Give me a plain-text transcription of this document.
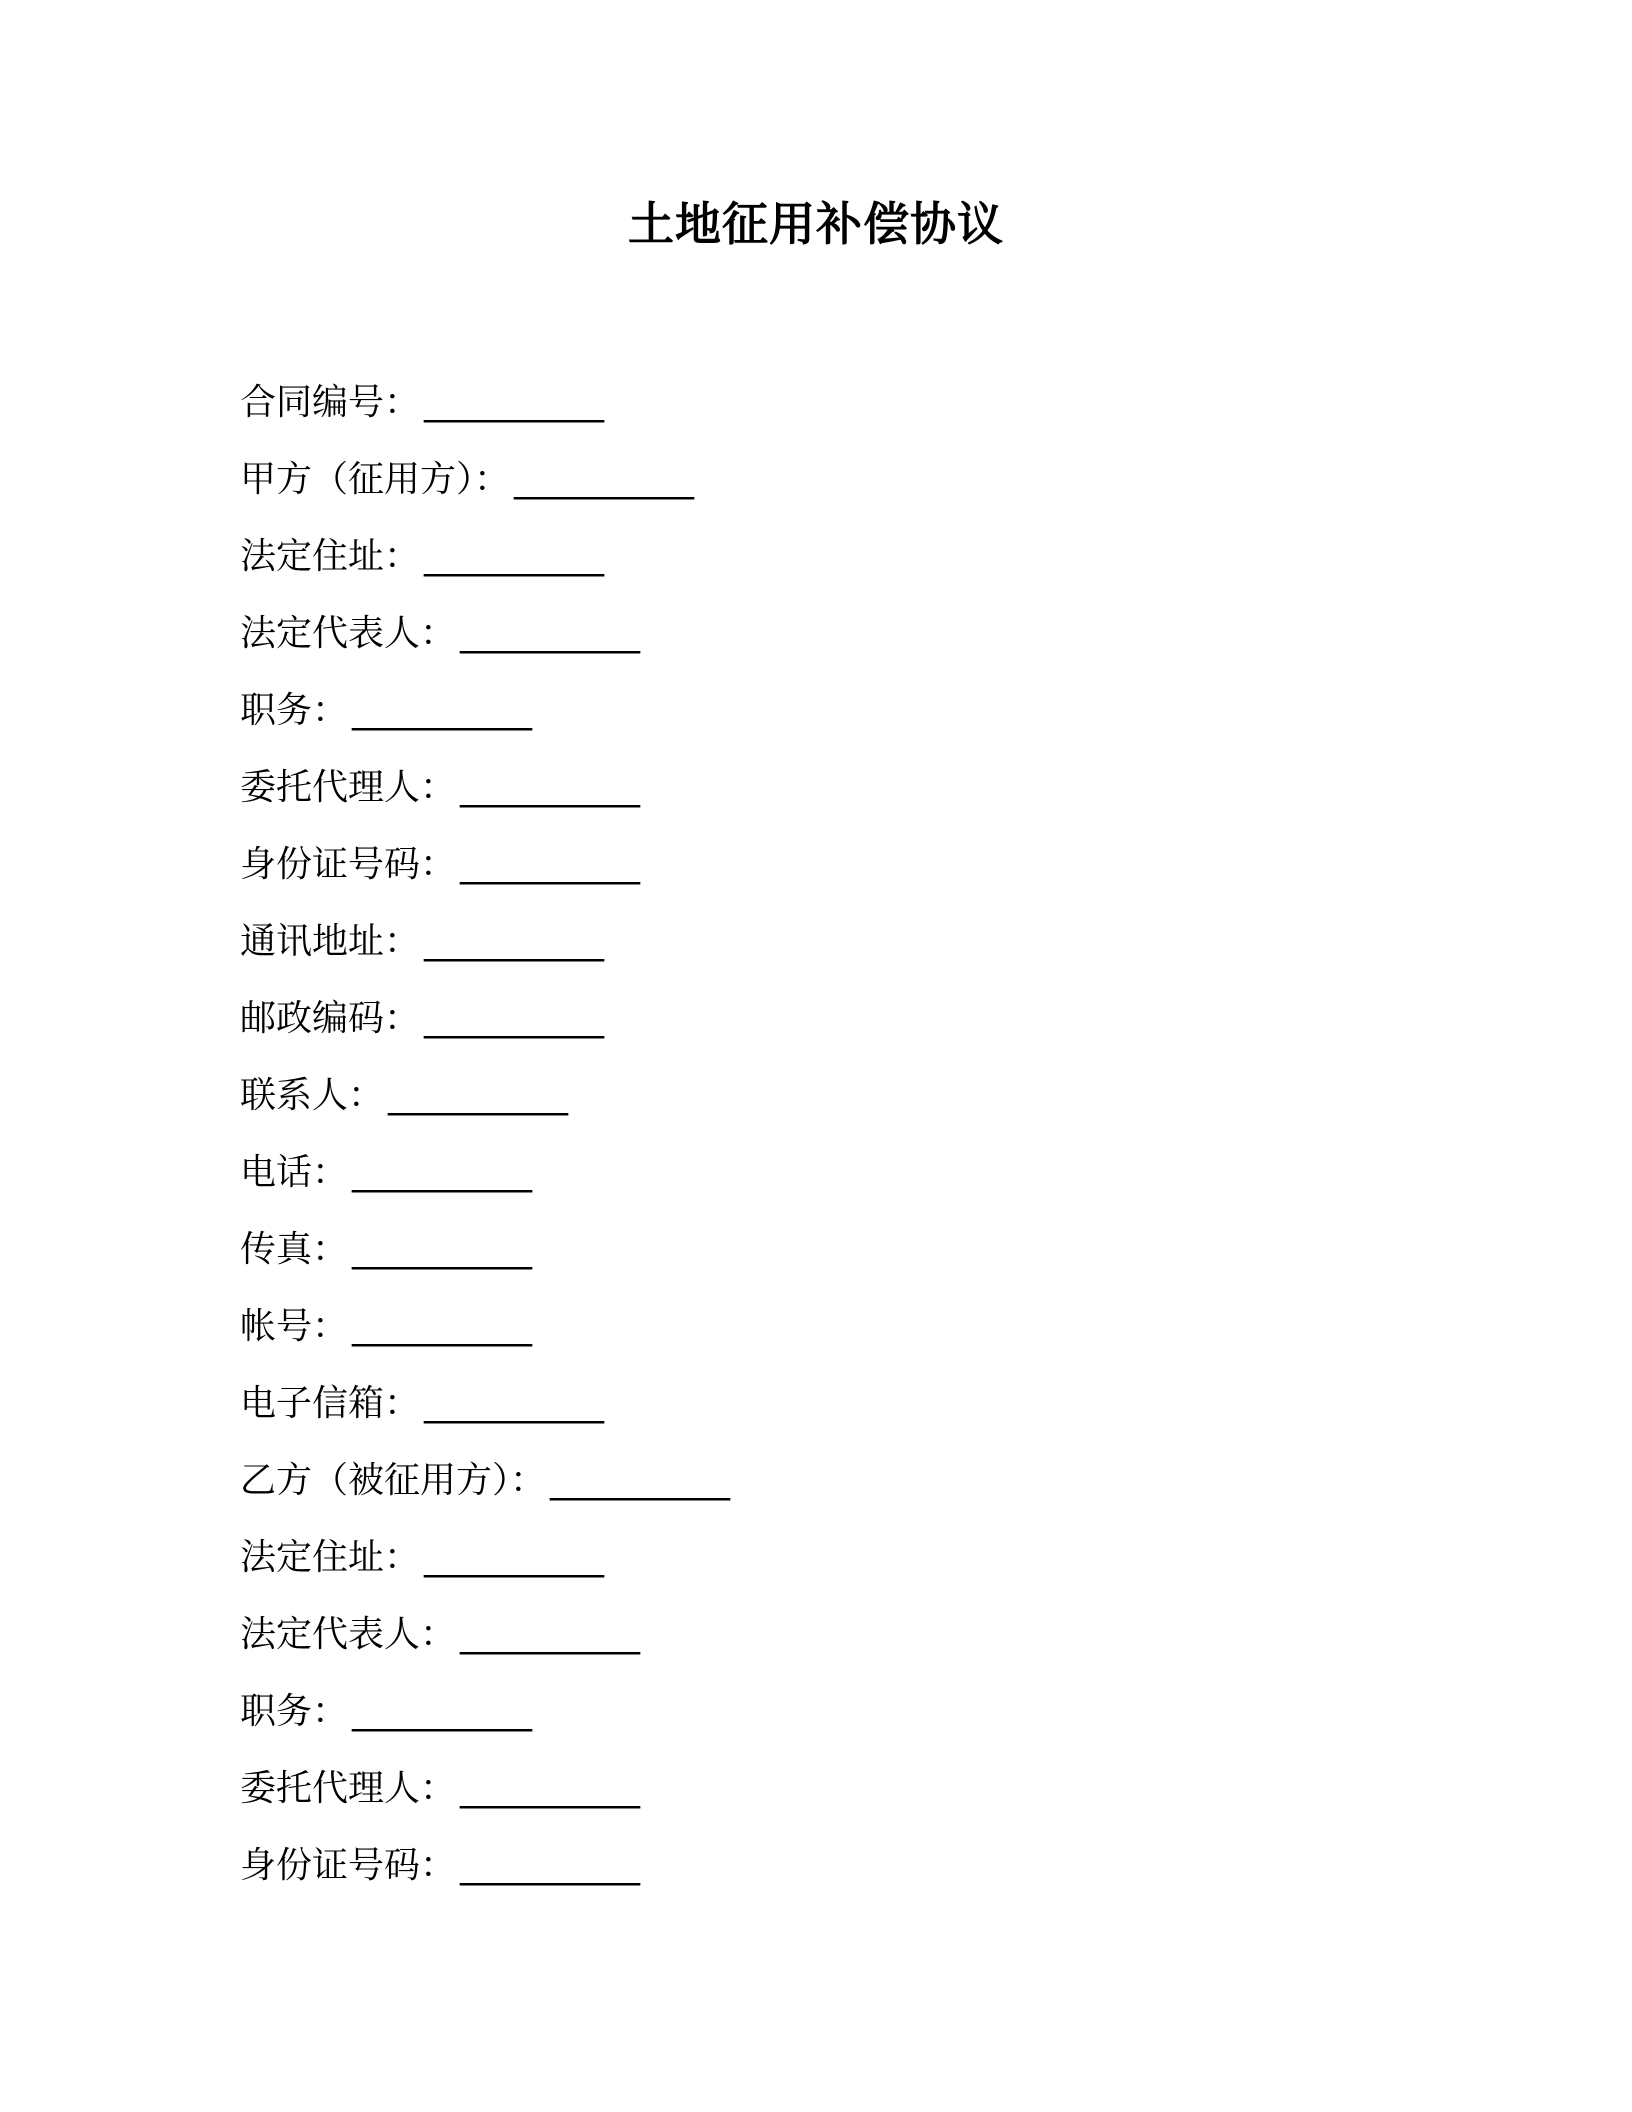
土地征用补偿协议
合同编号： __________
甲方（征用方）： __________
法定住址： __________
法定代表人： __________
职务： __________
委托代理人： __________
身份证号码： __________
通讯地址： __________
邮政编码： __________
联系人： __________
电话： __________
传真： __________
帐号： __________
电子信箱： __________
乙方（被征用方）： __________
法定住址： __________
法定代表人： __________
职务： __________
委托代理人： __________
身份证号码： __________
